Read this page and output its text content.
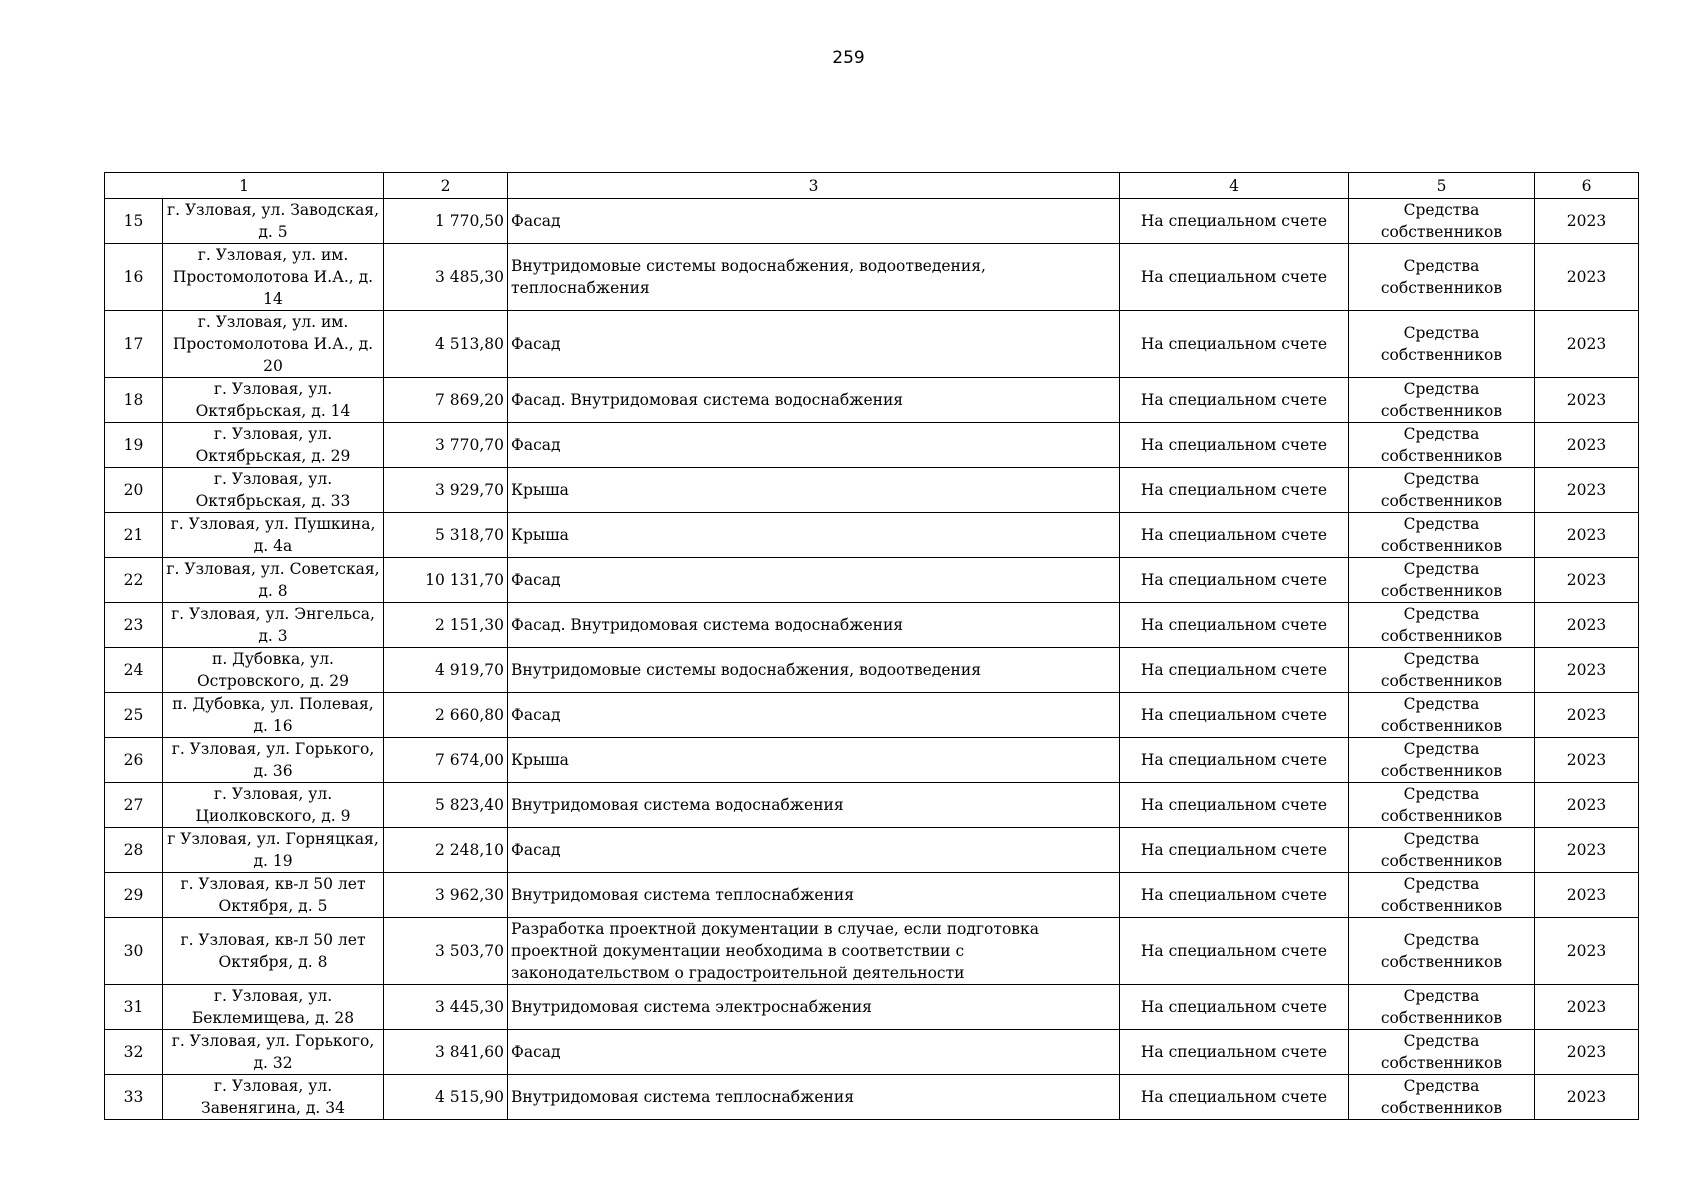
259
1		2	3	4	5	6
15	г. Узловая, ул. Заводская, д. 5	1 770,50	Фасад	На специальном счете	Средства собственников	2023
16	г. Узловая, ул. им. Простомолотова И.А., д. 14	3 485,30	Внутридомовые системы водоснабжения, водоотведения, теплоснабжения	На специальном счете	Средства собственников	2023
17	г. Узловая, ул. им. Простомолотова И.А., д. 20	4 513,80	Фасад	На специальном счете	Средства собственников	2023
18	г. Узловая, ул. Октябрьская, д. 14	7 869,20	Фасад. Внутридомовая система водоснабжения	На специальном счете	Средства собственников	2023
19	г. Узловая, ул. Октябрьская, д. 29	3 770,70	Фасад	На специальном счете	Средства собственников	2023
20	г. Узловая, ул. Октябрьская, д. 33	3 929,70	Крыша	На специальном счете	Средства собственников	2023
21	г. Узловая, ул. Пушкина, д. 4а	5 318,70	Крыша	На специальном счете	Средства собственников	2023
22	г. Узловая, ул. Советская, д. 8	10 131,70	Фасад	На специальном счете	Средства собственников	2023
23	г. Узловая, ул. Энгельса, д. 3	2 151,30	Фасад. Внутридомовая система водоснабжения	На специальном счете	Средства собственников	2023
24	п. Дубовка, ул. Островского, д. 29	4 919,70	Внутридомовые системы водоснабжения, водоотведения	На специальном счете	Средства собственников	2023
25	п. Дубовка, ул. Полевая, д. 16	2 660,80	Фасад	На специальном счете	Средства собственников	2023
26	г. Узловая, ул. Горького, д. 36	7 674,00	Крыша	На специальном счете	Средства собственников	2023
27	г. Узловая, ул. Циолковского, д. 9	5 823,40	Внутридомовая система водоснабжения	На специальном счете	Средства собственников	2023
28	г Узловая, ул. Горняцкая, д. 19	2 248,10	Фасад	На специальном счете	Средства собственников	2023
29	г. Узловая, кв-л 50 лет Октября, д. 5	3 962,30	Внутридомовая система теплоснабжения	На специальном счете	Средства собственников	2023
30	г. Узловая, кв-л 50 лет Октября, д. 8	3 503,70	Разработка проектной документации в случае, если подготовка проектной документации необходима в соответствии с законодательством о градостроительной деятельности	На специальном счете	Средства собственников	2023
31	г. Узловая, ул. Беклемищева, д. 28	3 445,30	Внутридомовая система электроснабжения	На специальном счете	Средства собственников	2023
32	г. Узловая, ул. Горького, д. 32	3 841,60	Фасад	На специальном счете	Средства собственников	2023
33	г. Узловая, ул. Завенягина, д. 34	4 515,90	Внутридомовая система теплоснабжения	На специальном счете	Средства собственников	2023
